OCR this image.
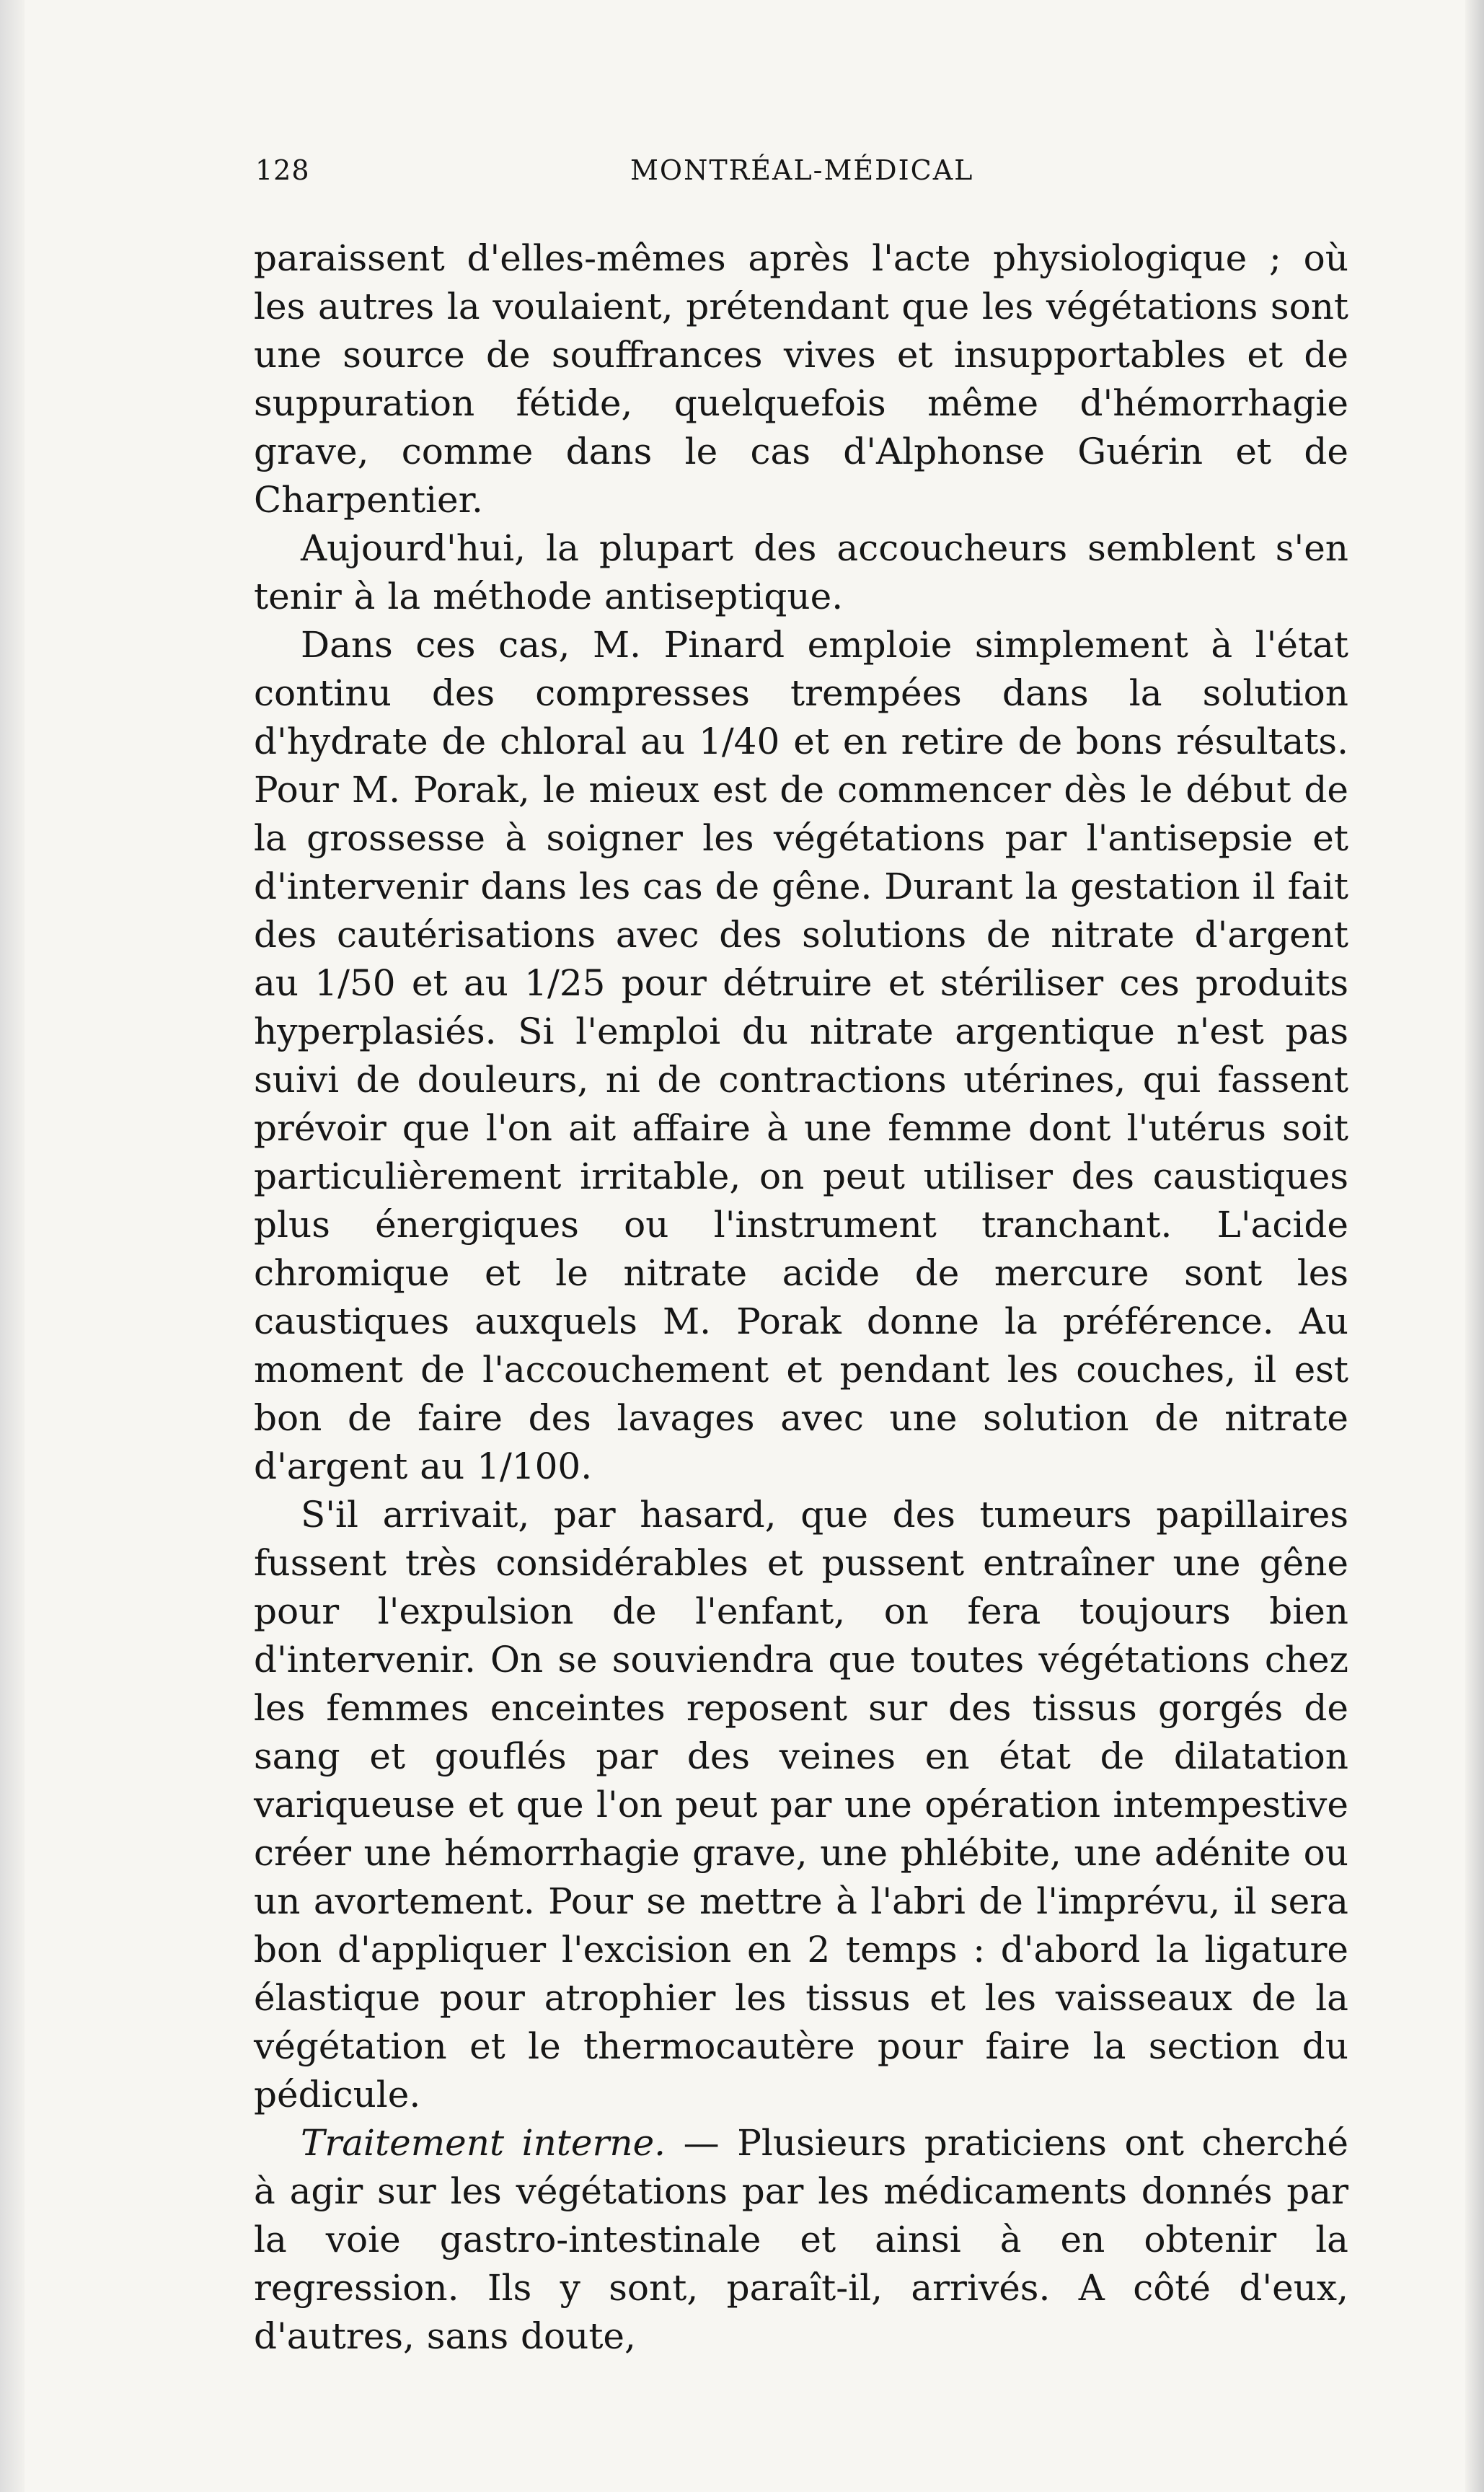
128	MONTRÉAL-MÉDICAL

paraissent d'elles-mêmes après l'acte physiologique ; où les autres la voulaient, prétendant que les végétations sont une source de souffrances vives et insupportables et de suppuration fétide, quelquefois même d'hémorrhagie grave, comme dans le cas d'Alphonse Guérin et de Charpentier.

Aujourd'hui, la plupart des accoucheurs semblent s'en tenir à la méthode antiseptique.

Dans ces cas, M. Pinard emploie simplement à l'état continu des compresses trempées dans la solution d'hydrate de chloral au 1/40 et en retire de bons résultats. Pour M. Porak, le mieux est de commencer dès le début de la grossesse à soigner les végétations par l'antisepsie et d'intervenir dans les cas de gêne. Durant la gestation il fait des cautérisations avec des solutions de nitrate d'argent au 1/50 et au 1/25 pour détruire et stériliser ces produits hyperplasiés. Si l'emploi du nitrate argentique n'est pas suivi de douleurs, ni de contractions utérines, qui fassent prévoir que l'on ait affaire à une femme dont l'utérus soit particulièrement irritable, on peut utiliser des caustiques plus énergiques ou l'instrument tranchant. L'acide chromique et le nitrate acide de mercure sont les caustiques auxquels M. Porak donne la préférence. Au moment de l'accouchement et pendant les couches, il est bon de faire des lavages avec une solution de nitrate d'argent au 1/100.

S'il arrivait, par hasard, que des tumeurs papillaires fussent très considérables et pussent entraîner une gêne pour l'expulsion de l'enfant, on fera toujours bien d'intervenir. On se souviendra que toutes végétations chez les femmes enceintes reposent sur des tissus gorgés de sang et gouflés par des veines en état de dilatation variqueuse et que l'on peut par une opération intempestive créer une hémorrhagie grave, une phlébite, une adénite ou un avortement. Pour se mettre à l'abri de l'imprévu, il sera bon d'appliquer l'excision en 2 temps : d'abord la ligature élastique pour atrophier les tissus et les vaisseaux de la végétation et le thermocautère pour faire la section du pédicule.

Traitement interne. — Plusieurs praticiens ont cherché à agir sur les végétations par les médicaments donnés par la voie gastro-intestinale et ainsi à en obtenir la regression. Ils y sont, paraît-il, arrivés. A côté d'eux, d'autres, sans doute,
